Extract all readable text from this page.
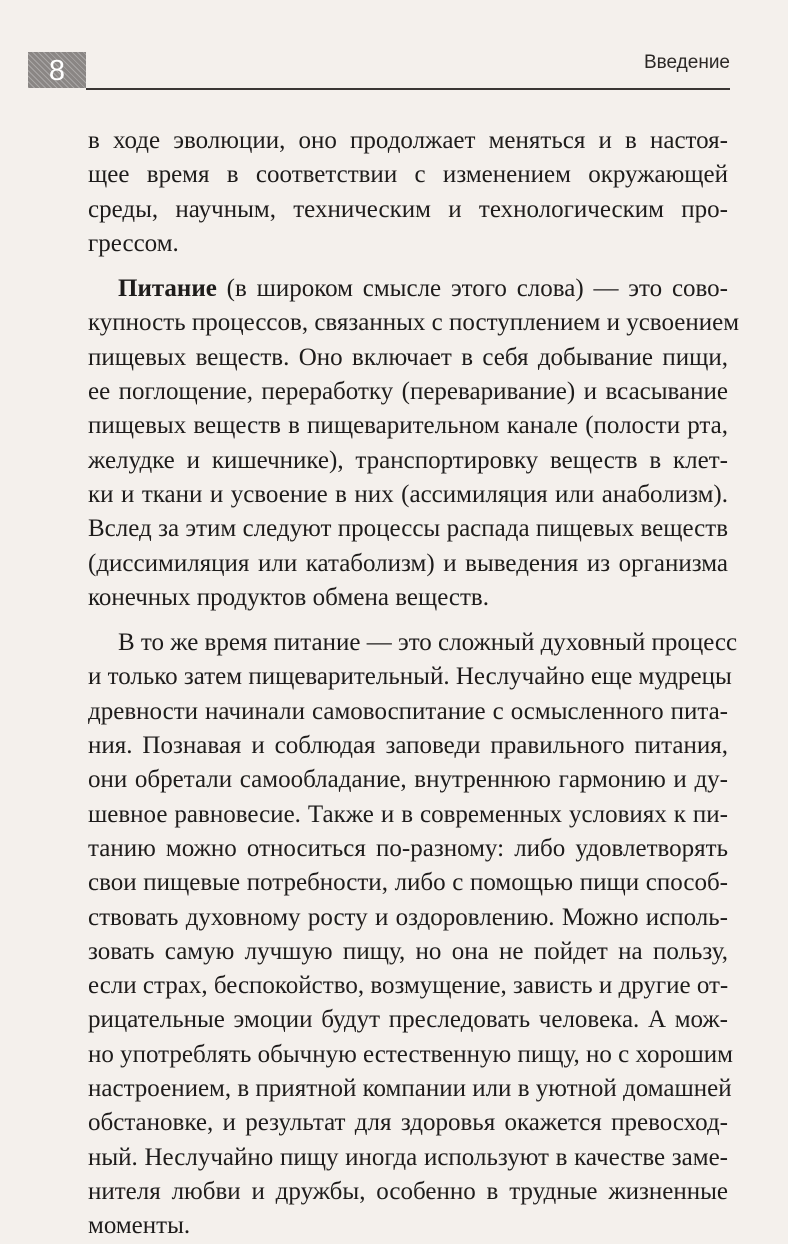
8	Введение

в ходе эволюции, оно продолжает меняться и в настоя-

щее время в соответствии с изменением окружающей

среды, научным, техническим и технологическим про-

грессом.

Питание (в широком смысле этого слова) — это сово-

купность процессов, связанных с поступлением и усвоением

пищевых веществ. Оно включает в себя добывание пищи,

ее поглощение, переработку (переваривание) и всасывание

пищевых веществ в пищеварительном канале (полости рта,

желудке и кишечнике), транспортировку веществ в клет-

ки и ткани и усвоение в них (ассимиляция или анаболизм).

Вслед за этим следуют процессы распада пищевых веществ

(диссимиляция или катаболизм) и выведения из организма

конечных продуктов обмена веществ.

В то же время питание — это сложный духовный процесс

и только затем пищеварительный. Неслучайно еще мудрецы

древности начинали самовоспитание с осмысленного пита-

ния. Познавая и соблюдая заповеди правильного питания,

они обретали самообладание, внутреннюю гармонию и ду-

шевное равновесие. Также и в современных условиях к пи-

танию можно относиться по-разному: либо удовлетворять

свои пищевые потребности, либо с помощью пищи способ-

ствовать духовному росту и оздоровлению. Можно исполь-

зовать самую лучшую пищу, но она не пойдет на пользу,

если страх, беспокойство, возмущение, зависть и другие от-

рицательные эмоции будут преследовать человека. А мож-

но употреблять обычную естественную пищу, но с хорошим

настроением, в приятной компании или в уютной домашней

обстановке, и результат для здоровья окажется превосход-

ный. Неслучайно пищу иногда используют в качестве заме-

нителя любви и дружбы, особенно в трудные жизненные

моменты.
